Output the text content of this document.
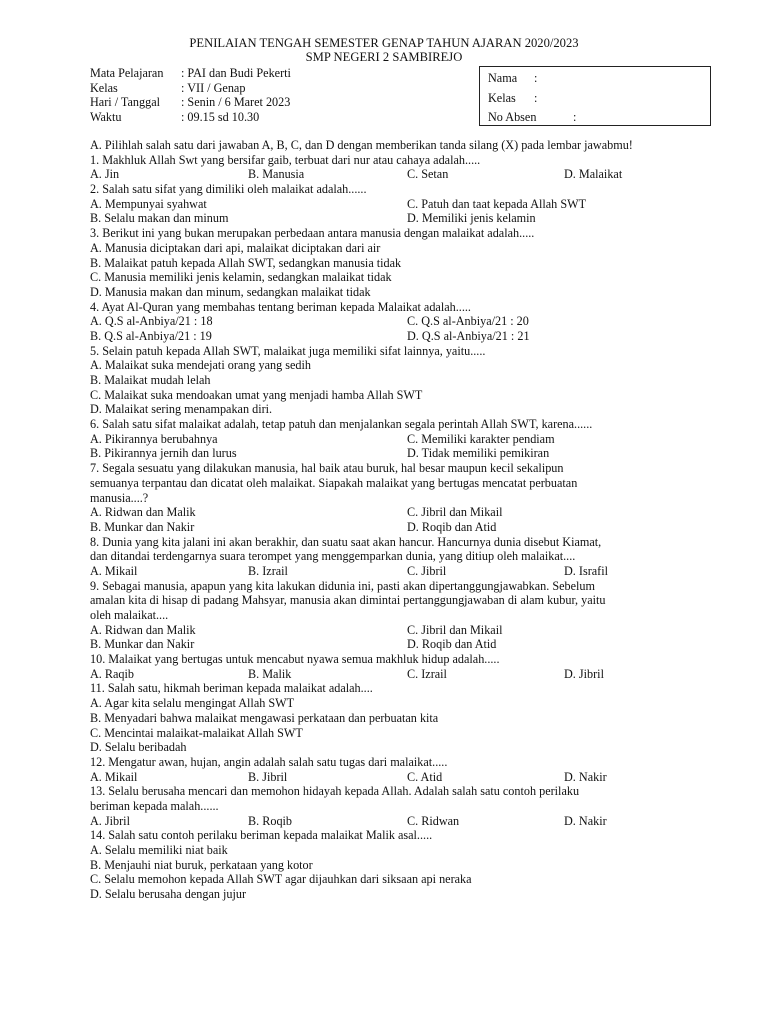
PENILAIAN TENGAH SEMESTER GENAP TAHUN AJARAN 2020/2023
SMP NEGERI 2 SAMBIREJO
Mata Pelajaran : PAI dan Budi Pekerti
Kelas	: VII / Genap
Hari / Tanggal : Senin / 6 Maret 2023
Waktu	: 09.15 sd 10.30
Nama :
Kelas :
No Absen	:
A. Pilihlah salah satu dari jawaban A, B, C, dan D dengan memberikan tanda silang (X) pada lembar jawabmu!
1. Makhluk Allah Swt yang bersifar gaib, terbuat dari nur atau cahaya adalah.....
A. Jin	B. Manusia	C. Setan	D. Malaikat
2. Salah satu sifat yang dimiliki oleh malaikat adalah......
A. Mempunyai syahwat	C. Patuh dan taat kepada Allah SWT
B. Selalu makan dan minum	D. Memiliki jenis kelamin
3. Berikut ini yang bukan merupakan perbedaan antara manusia dengan malaikat adalah.....
A. Manusia diciptakan dari api, malaikat diciptakan dari air
B. Malaikat patuh kepada Allah SWT, sedangkan manusia tidak
C. Manusia memiliki jenis kelamin, sedangkan malaikat tidak
D. Manusia makan dan minum, sedangkan malaikat tidak
4. Ayat Al-Quran yang membahas tentang beriman kepada Malaikat adalah.....
A. Q.S al-Anbiya/21 : 18	C. Q.S al-Anbiya/21 : 20
B. Q.S al-Anbiya/21 : 19	D. Q.S al-Anbiya/21 : 21
5. Selain patuh kepada Allah SWT, malaikat juga memiliki sifat lainnya, yaitu.....
A. Malaikat suka mendejati orang yang sedih
B. Malaikat mudah lelah
C. Malaikat suka mendoakan umat yang menjadi hamba Allah SWT
D. Malaikat sering menampakan diri.
6. Salah satu sifat malaikat adalah, tetap patuh dan menjalankan segala perintah Allah SWT, karena......
A. Pikirannya berubahnya	C. Memiliki karakter pendiam
B. Pikirannya jernih dan lurus	D. Tidak memiliki pemikiran
7. Segala sesuatu yang dilakukan manusia, hal baik atau buruk, hal besar maupun kecil sekalipun
semuanya terpantau dan dicatat oleh malaikat. Siapakah malaikat yang bertugas mencatat perbuatan
manusia....?
A. Ridwan dan Malik	C. Jibril dan Mikail
B. Munkar dan Nakir	D. Roqib dan Atid
8. Dunia yang kita jalani ini akan berakhir, dan suatu saat akan hancur. Hancurnya dunia disebut Kiamat,
dan ditandai terdengarnya suara terompet yang menggemparkan dunia, yang ditiup oleh malaikat....
A. Mikail	B. Izrail	C. Jibril	D. Israfil
9. Sebagai manusia, apapun yang kita lakukan didunia ini, pasti akan dipertanggungjawabkan. Sebelum
amalan kita di hisap di padang Mahsyar, manusia akan dimintai pertanggungjawaban di alam kubur, yaitu
oleh malaikat....
A. Ridwan dan Malik	C. Jibril dan Mikail
B. Munkar dan Nakir	D. Roqib dan Atid
10. Malaikat yang bertugas untuk mencabut nyawa semua makhluk hidup adalah.....
A. Raqib	B. Malik	C. Izrail	D. Jibril
11. Salah satu, hikmah beriman kepada malaikat adalah....
A. Agar kita selalu mengingat Allah SWT
B. Menyadari bahwa malaikat mengawasi perkataan dan perbuatan kita
C. Mencintai malaikat-malaikat Allah SWT
D. Selalu beribadah
12. Mengatur awan, hujan, angin adalah salah satu tugas dari malaikat.....
A. Mikail	B. Jibril	C. Atid	D. Nakir
13. Selalu berusaha mencari dan memohon hidayah kepada Allah. Adalah salah satu contoh perilaku
beriman kepada malah......
A. Jibril	B. Roqib	C. Ridwan	D. Nakir
14. Salah satu contoh perilaku beriman kepada malaikat Malik asal.....
A. Selalu memiliki niat baik
B. Menjauhi niat buruk, perkataan yang kotor
C. Selalu memohon kepada Allah SWT agar dijauhkan dari siksaan api neraka
D. Selalu berusaha dengan jujur
